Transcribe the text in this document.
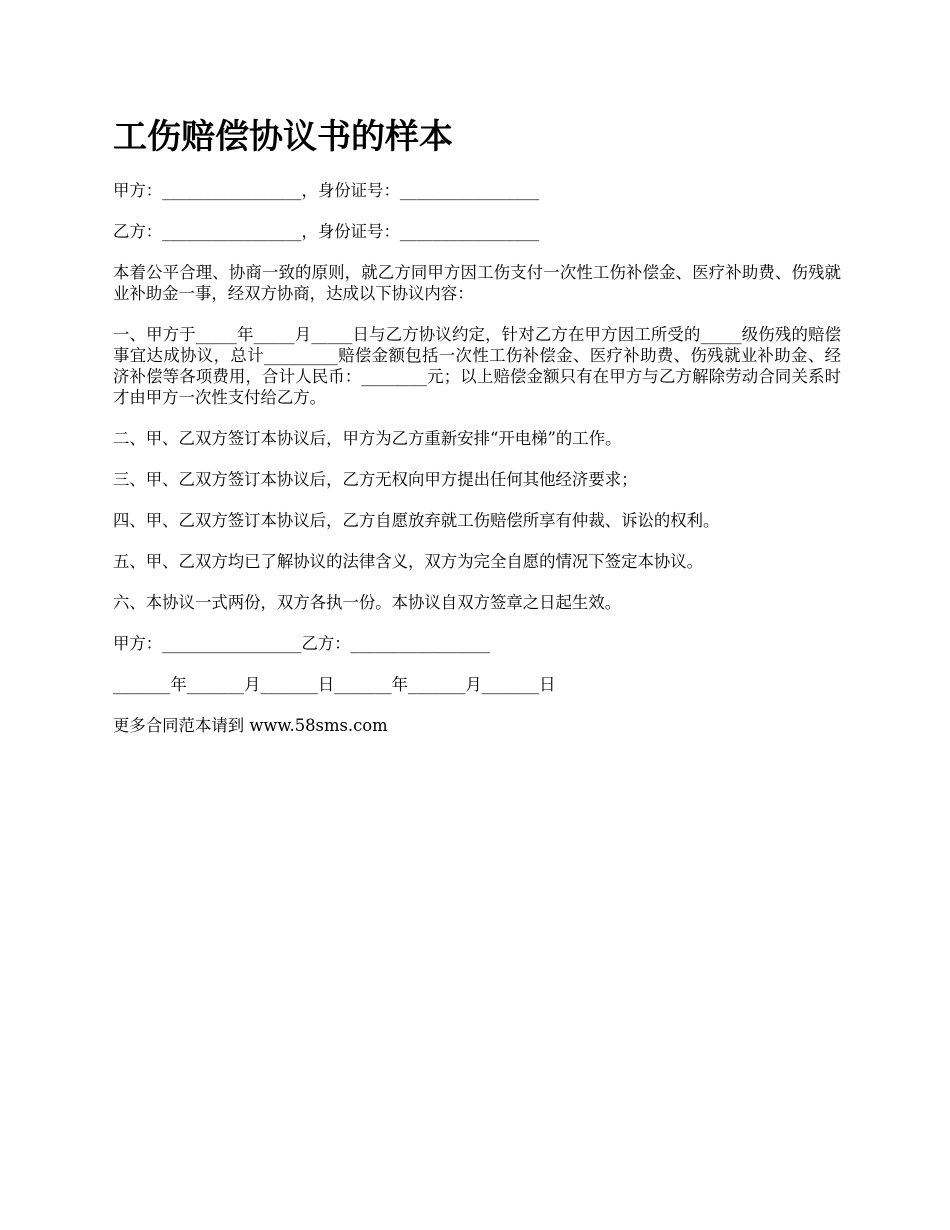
工伤赔偿协议书的样本

甲方：_________________，身份证号：_________________

乙方：_________________，身份证号：_________________

本着公平合理、协商一致的原则，就乙方同甲方因工伤支付一次性工伤补偿金、医疗补助费、伤残就业补助金一事，经双方协商，达成以下协议内容：

一、甲方于_____年_____月_____日与乙方协议约定，针对乙方在甲方因工所受的_____级伤残的赔偿事宜达成协议，总计_________赔偿金额包括一次性工伤补偿金、医疗补助费、伤残就业补助金、经济补偿等各项费用，合计人民币：________元；以上赔偿金额只有在甲方与乙方解除劳动合同关系时才由甲方一次性支付给乙方。

二、甲、乙双方签订本协议后，甲方为乙方重新安排“开电梯”的工作。

三、甲、乙双方签订本协议后，乙方无权向甲方提出任何其他经济要求；

四、甲、乙双方签订本协议后，乙方自愿放弃就工伤赔偿所享有仲裁、诉讼的权利。

五、甲、乙双方均已了解协议的法律含义，双方为完全自愿的情况下签定本协议。

六、本协议一式两份，双方各执一份。本协议自双方签章之日起生效。

甲方：_________________乙方：_________________

_______年_______月_______日_______年_______月_______日

更多合同范本请到 www.58sms.com
